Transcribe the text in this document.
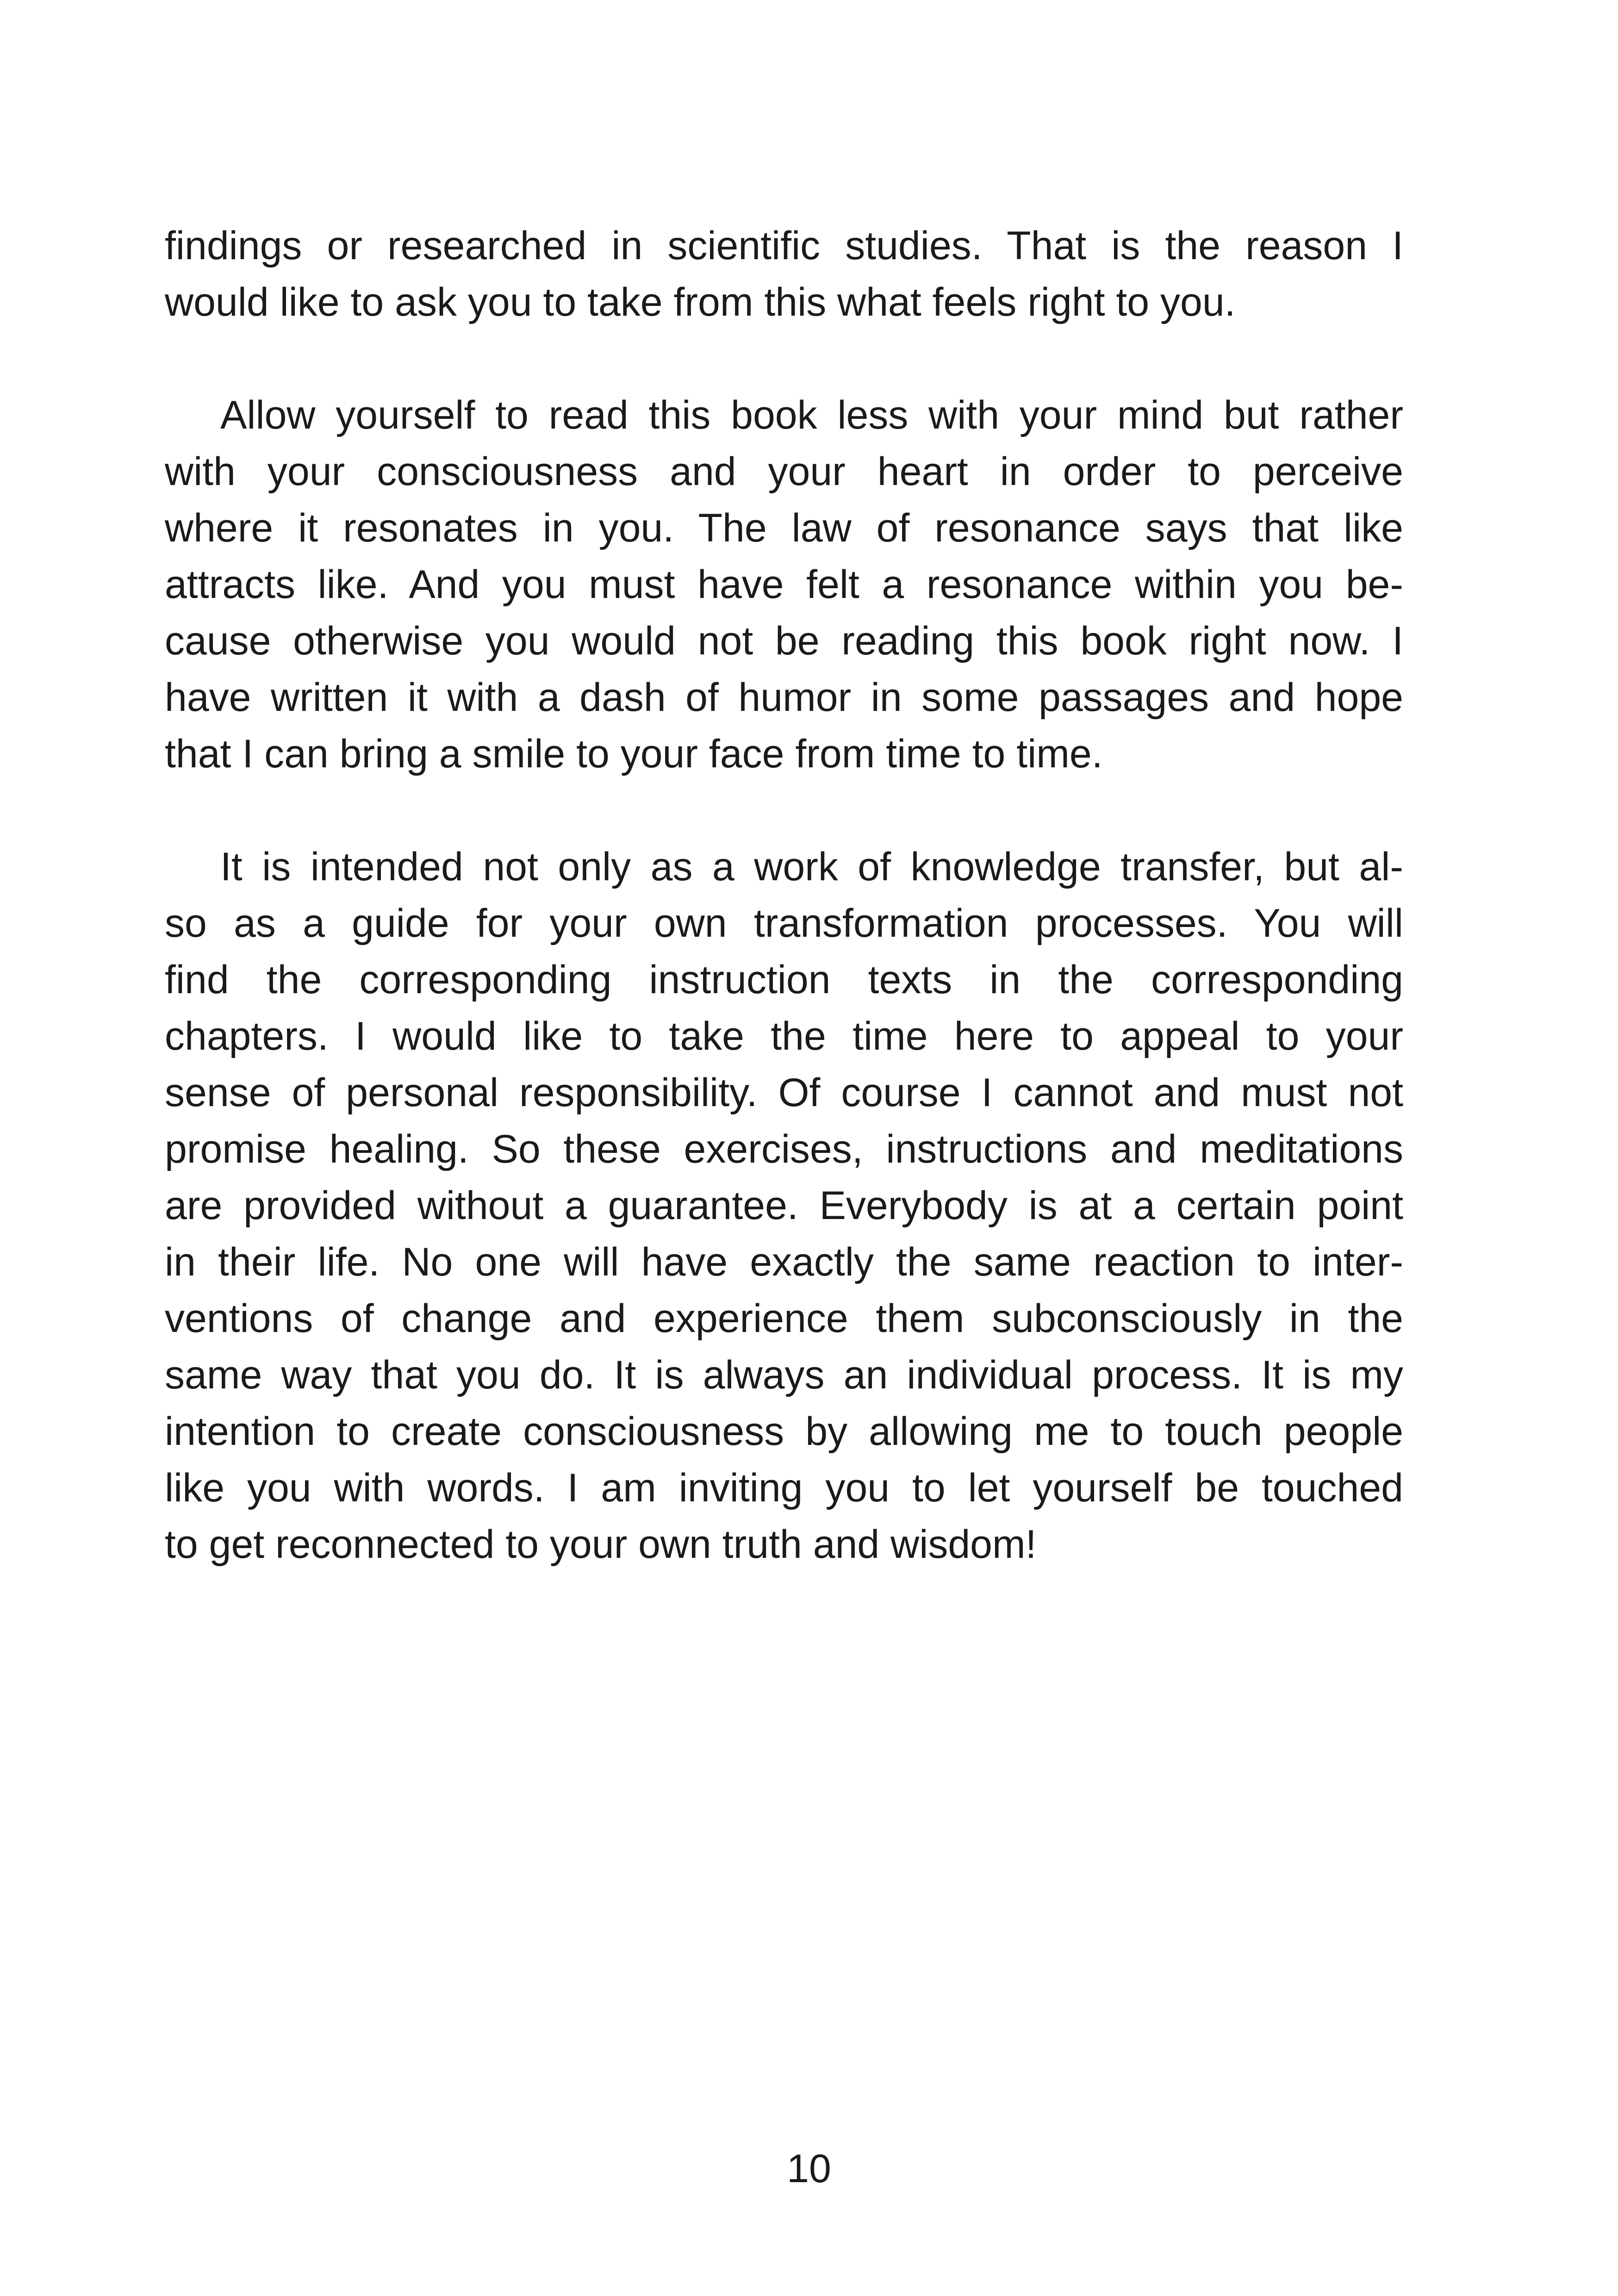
findings or researched in scientific studies. That is the reason I
would like to ask you to take from this what feels right to you.
Allow yourself to read this book less with your mind but rather
with your consciousness and your heart in order to perceive
where it resonates in you. The law of resonance says that like
attracts like. And you must have felt a resonance within you be-
cause otherwise you would not be reading this book right now. I
have written it with a dash of humor in some passages and hope
that I can bring a smile to your face from time to time.
It is intended not only as a work of knowledge transfer, but al-
so as a guide for your own transformation processes. You will
find the corresponding instruction texts in the corresponding
chapters. I would like to take the time here to appeal to your
sense of personal responsibility. Of course I cannot and must not
promise healing. So these exercises, instructions and meditations
are provided without a guarantee. Everybody is at a certain point
in their life. No one will have exactly the same reaction to inter-
ventions of change and experience them subconsciously in the
same way that you do. It is always an individual process. It is my
intention to create consciousness by allowing me to touch people
like you with words. I am inviting you to let yourself be touched
to get reconnected to your own truth and wisdom!
10
